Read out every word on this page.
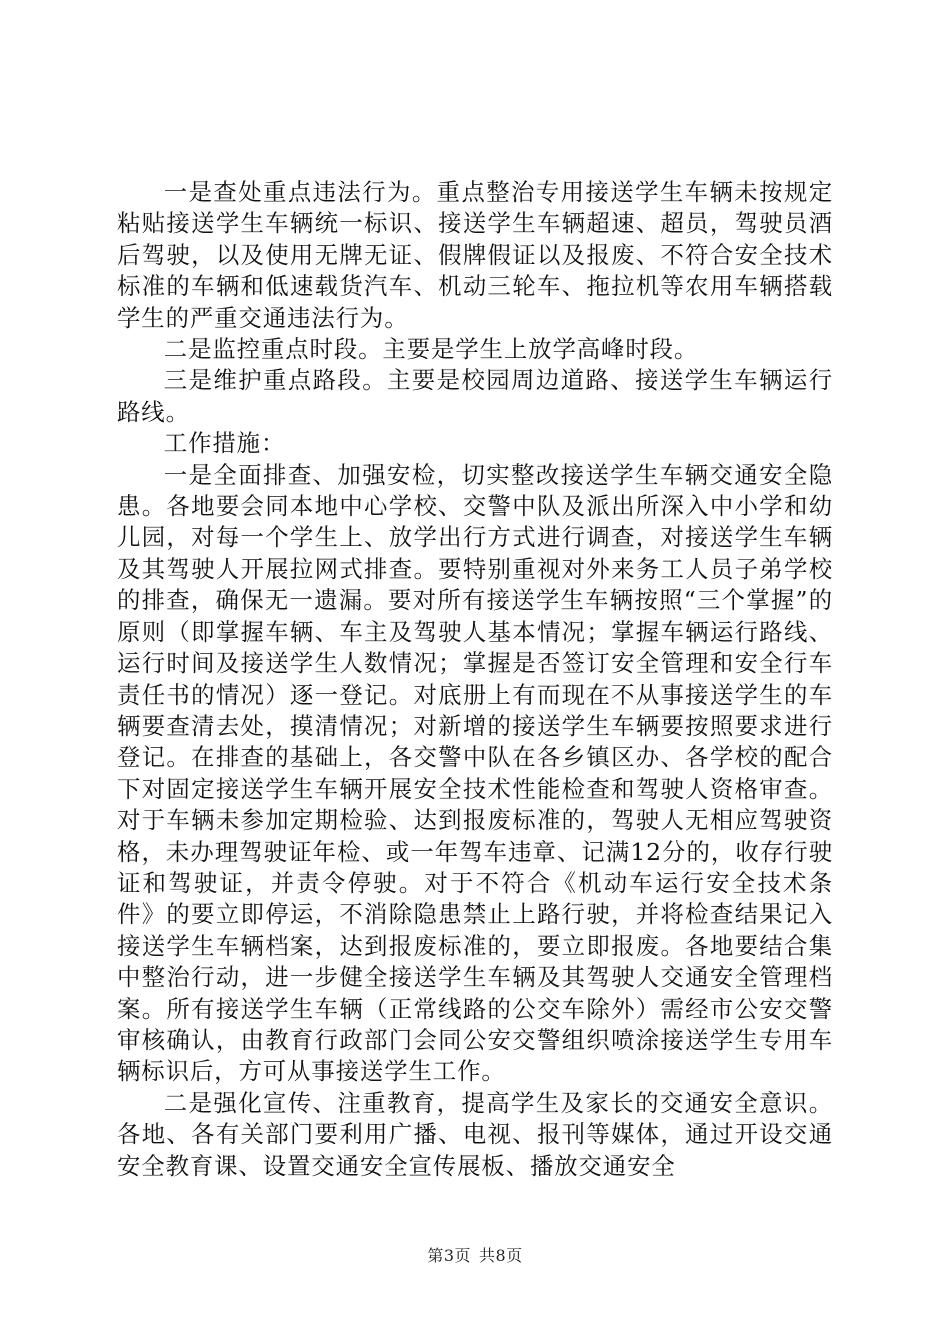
一是查处重点违法行为。重点整治专用接送学生车辆未按规定粘贴接送学生车辆统一标识、接送学生车辆超速、超员，驾驶员酒后驾驶，以及使用无牌无证、假牌假证以及报废、不符合安全技术标准的车辆和低速载货汽车、机动三轮车、拖拉机等农用车辆搭载学生的严重交通违法行为。

二是监控重点时段。主要是学生上放学高峰时段。

三是维护重点路段。主要是校园周边道路、接送学生车辆运行路线。

工作措施：

一是全面排查、加强安检，切实整改接送学生车辆交通安全隐患。各地要会同本地中心学校、交警中队及派出所深入中小学和幼儿园，对每一个学生上、放学出行方式进行调查，对接送学生车辆及其驾驶人开展拉网式排查。要特别重视对外来务工人员子弟学校的排查，确保无一遗漏。要对所有接送学生车辆按照“三个掌握”的原则（即掌握车辆、车主及驾驶人基本情况；掌握车辆运行路线、运行时间及接送学生人数情况；掌握是否签订安全管理和安全行车责任书的情况）逐一登记。对底册上有而现在不从事接送学生的车辆要查清去处，摸清情况；对新增的接送学生车辆要按照要求进行登记。在排查的基础上，各交警中队在各乡镇区办、各学校的配合下对固定接送学生车辆开展安全技术性能检查和驾驶人资格审查。对于车辆未参加定期检验、达到报废标准的，驾驶人无相应驾驶资格，未办理驾驶证年检、或一年驾车违章、记满12分的，收存行驶证和驾驶证，并责令停驶。对于不符合《机动车运行安全技术条件》的要立即停运，不消除隐患禁止上路行驶，并将检查结果记入接送学生车辆档案，达到报废标准的，要立即报废。各地要结合集中整治行动，进一步健全接送学生车辆及其驾驶人交通安全管理档案。所有接送学生车辆（正常线路的公交车除外）需经市公安交警审核确认，由教育行政部门会同公安交警组织喷涂接送学生专用车辆标识后，方可从事接送学生工作。

二是强化宣传、注重教育，提高学生及家长的交通安全意识。各地、各有关部门要利用广播、电视、报刊等媒体，通过开设交通安全教育课、设置交通安全宣传展板、播放交通安全

第3页 共8页
